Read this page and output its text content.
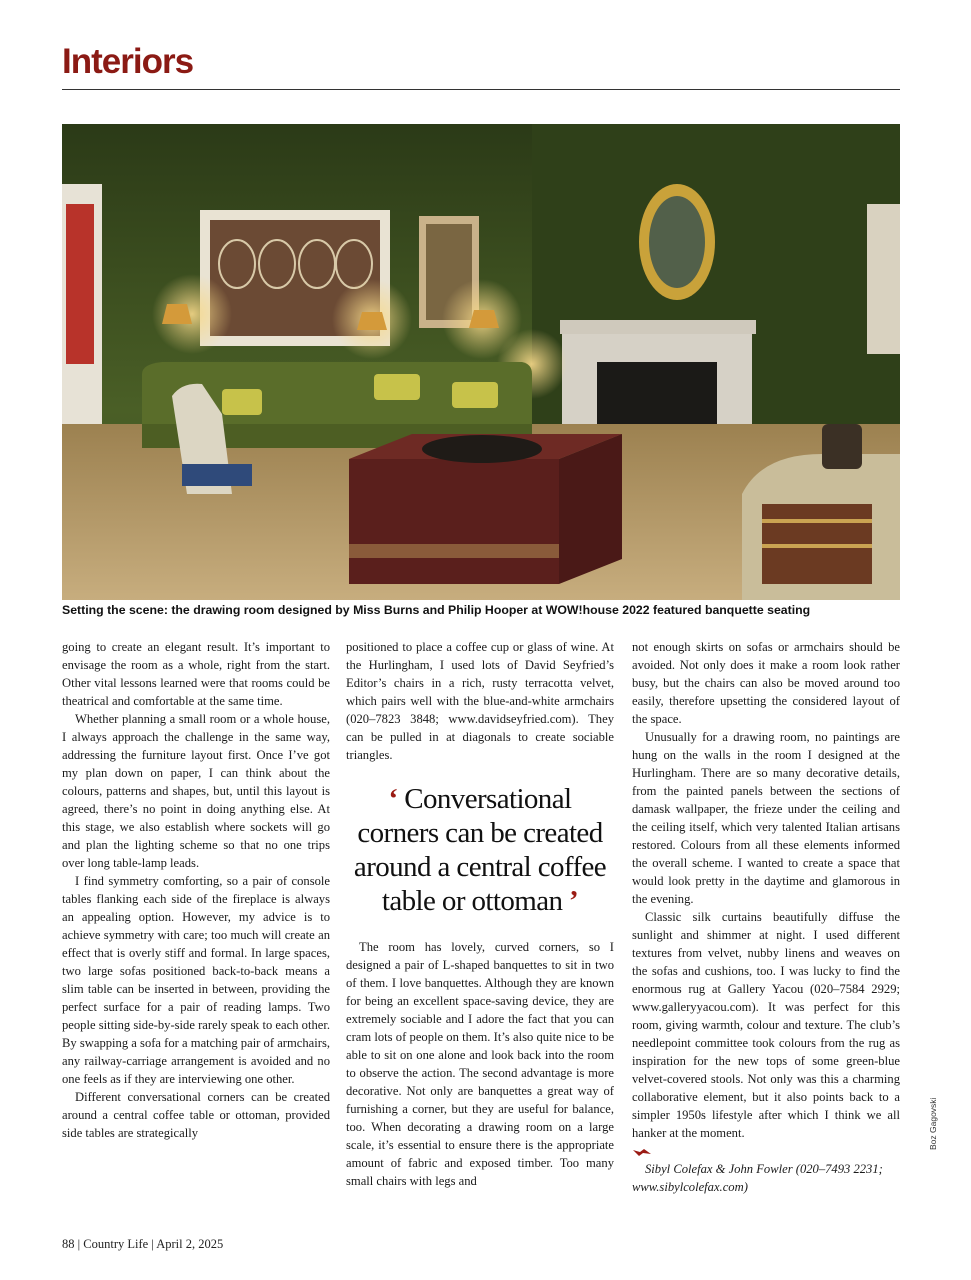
Interiors
Setting the scene: the drawing room designed by Miss Burns and Philip Hooper at WOW!house 2022 featured banquette seating

going to create an elegant result. It’s important to envisage the room as a whole, right from the start. Other vital lessons learned were that rooms could be theatrical and comfortable at the same time.

Whether planning a small room or a whole house, I always approach the challenge in the same way, addressing the furniture layout first. Once I’ve got my plan down on paper, I can think about the colours, patterns and shapes, but, until this layout is agreed, there’s no point in doing anything else. At this stage, we also establish where sockets will go and plan the lighting scheme so that no one trips over long table-lamp leads.

I find symmetry comforting, so a pair of console tables flanking each side of the fireplace is always an appealing option. However, my advice is to achieve symmetry with care; too much will create an effect that is overly stiff and formal. In large spaces, two large sofas positioned back-to-back means a slim table can be inserted in between, providing the perfect surface for a pair of reading lamps. Two people sitting side-by-side rarely speak to each other. By swapping a sofa for a matching pair of armchairs, any railway-carriage arrangement is avoided and no one feels as if they are interviewing one other.

Different conversational corners can be created around a central coffee table or ottoman, provided side tables are strategically

positioned to place a coffee cup or glass of wine. At the Hurlingham, I used lots of David Seyfried’s Editor’s chairs in a rich, rusty terracotta velvet, which pairs well with the blue-and-white armchairs (020–7823 3848; www.davidseyfried.com). They can be pulled in at diagonals to create sociable triangles.

‘ Conversational corners can be created around a central coffee table or ottoman ’

The room has lovely, curved corners, so I designed a pair of L-shaped banquettes to sit in two of them. I love banquettes. Although they are known for being an excellent space-saving device, they are extremely sociable and I adore the fact that you can cram lots of people on them. It’s also quite nice to be able to sit on one alone and look back into the room to observe the action. The second advantage is more decorative. Not only are banquettes a great way of furnishing a corner, but they are useful for balance, too. When decorating a drawing room on a large scale, it’s essential to ensure there is the appropriate amount of fabric and exposed timber. Too many small chairs with legs and

not enough skirts on sofas or armchairs should be avoided. Not only does it make a room look rather busy, but the chairs can also be moved around too easily, therefore upsetting the considered layout of the space.

Unusually for a drawing room, no paintings are hung on the walls in the room I designed at the Hurlingham. There are so many decorative details, from the painted panels between the sections of damask wallpaper, the frieze under the ceiling and the ceiling itself, which very talented Italian artisans restored. Colours from all these elements informed the overall scheme. I wanted to create a space that would look pretty in the daytime and glamorous in the evening.

Classic silk curtains beautifully diffuse the sunlight and shimmer at night. I used different textures from velvet, nubby linens and weaves on the sofas and cushions, too. I was lucky to find the enormous rug at Gallery Yacou (020–7584 2929; www.galleryyacou.com). It was perfect for this room, giving warmth, colour and texture. The club’s needlepoint committee took colours from the rug as inspiration for the new tops of some green-blue velvet-covered stools. Not only was this a charming collaborative element, but it also points back to a simpler 1950s lifestyle after which I think we all hanker at the moment.

Sibyl Colefax & John Fowler (020–7493 2231; www.sibylcolefax.com)

Boz Gagovski
88 | Country Life | April 2, 2025
